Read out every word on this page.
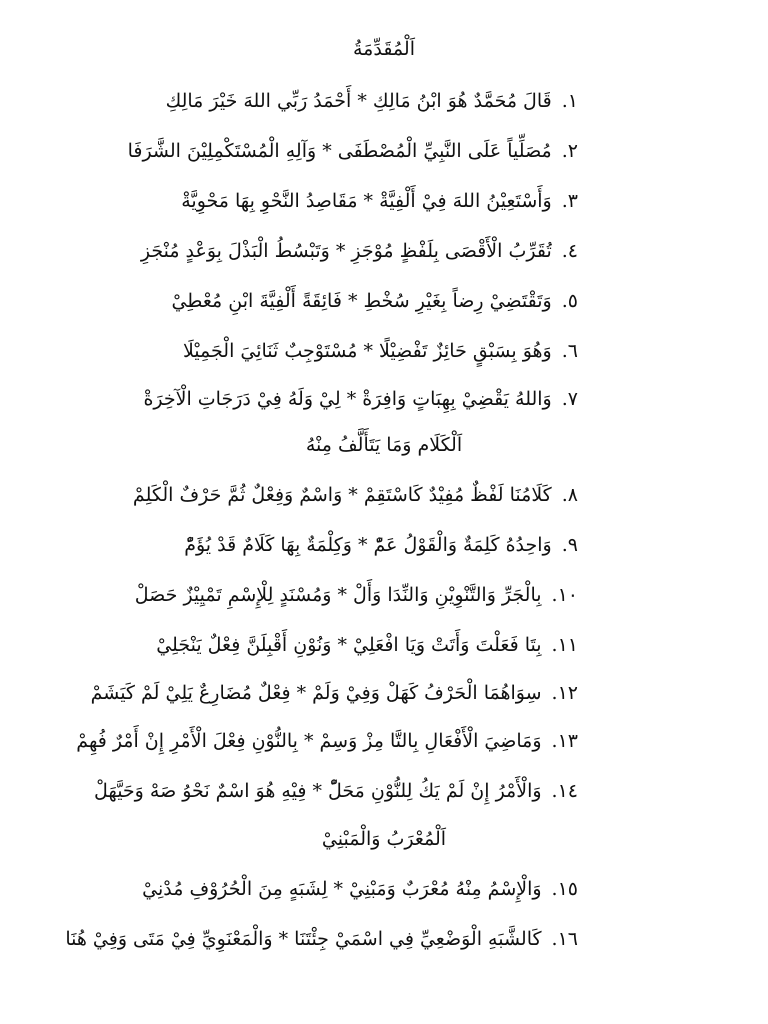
اَلْمُقَدِّمَةُ
١.قَالَ مُحَمَّدٌ هُوَ ابْنُ مَالِكِ * أَحْمَدُ رَبِّي اللهَ خَيْرَ مَالِكِ
٢.مُصَلِّياً عَلَى النَّبِيِّ الْمُصْطَفَى * وَآلِهِ الْمُسْتَكْمِلِيْنَ الشَّرَفَا
٣.وَأَسْتَعِيْنُ اللهَ فِيْ أَلْفِيَّةْ * مَقَاصِدُ النَّحْوِ بِهَا مَحْوِيَّةْ
٤.تُقَرِّبُ الْأَقْصَى بِلَفْظٍ مُوْجَزِ * وَتَبْسُطُ الْبَذْلَ بِوَعْدٍ مُنْجَزِ
٥.وَتَقْتَضِيْ رِضاً بِغَيْرِ سُخْطِ * فَائِقَةً أَلْفِيَّةَ ابْنِ مُعْطِيْ
٦.وَهُوَ بِسَبْقٍ حَائِزٌ تَفْضِيْلًا * مُسْتَوْجِبٌ ثَنَائِيَ الْجَمِيْلَا
٧.وَاللهُ يَقْضِيْ بِهِبَاتٍ وَافِرَةْ * لِيْ وَلَهُ فِيْ دَرَجَاتِ الْآخِرَةْ
اَلْكَلَام وَمَا يَتَأَلَّفُ مِنْهُ
٨.كَلَامُنَا لَفْظٌ مُفِيْدٌ كَاسْتَقِمْ * وَاسْمٌ وَفِعْلٌ ثُمَّ حَرْفٌ الْكَلِمْ
٩.وَاحِدُهُ كَلِمَةٌ وَالْقَوْلُ عَمّْ * وَكِلْمَةٌ بِهَا كَلَامٌ قَدْ يُؤَمّْ
١٠.بِالْجَرِّ وَالتَّنْوِيْنِ وَالنِّدَا وَأَلْ * وَمُسْنَدٍ لِلْإِسْمِ تَمْيِيْزٌ حَصَلْ
١١.بِتَا فَعَلْتَ وَأَتَتْ وَيَا افْعَلِيْ * وَنُوْنِ أَقْبِلَنَّ فِعْلٌ يَنْجَلِيْ
١٢.سِوَاهُمَا الْحَرْفُ كَهَلْ وَفِيْ وَلَمْ * فِعْلٌ مُضَارِعٌ يَلِيْ لَمْ كَيَشَمْ
١٣.وَمَاضِيَ الْأَفْعَالِ بِالتَّا مِزْ وَسِمْ * بِالنُّوْنِ فِعْلَ الْأَمْرِ إِنْ أَمْرٌ فُهِمْ
١٤.وَالْأَمْرُ إِنْ لَمْ يَكُ لِلنُّوْنِ مَحَلّْ * فِيْهِ هُوَ اسْمٌ نَحْوُ صَهْ وَحَيَّهَلْ
اَلْمُعْرَبُ وَالْمَبْنِيْ
١٥.وَالْإِسْمُ مِنْهُ مُعْرَبٌ وَمَبْنِيْ * لِشَبَهٍ مِنَ الْحُرُوْفِ مُدْنِيْ
١٦.كَالشَّبَهِ الْوَضْعِيِّ فِي اسْمَيْ جِئْتَنَا * وَالْمَعْنَوِيِّ فِيْ مَتَى وَفِيْ هُنَا
